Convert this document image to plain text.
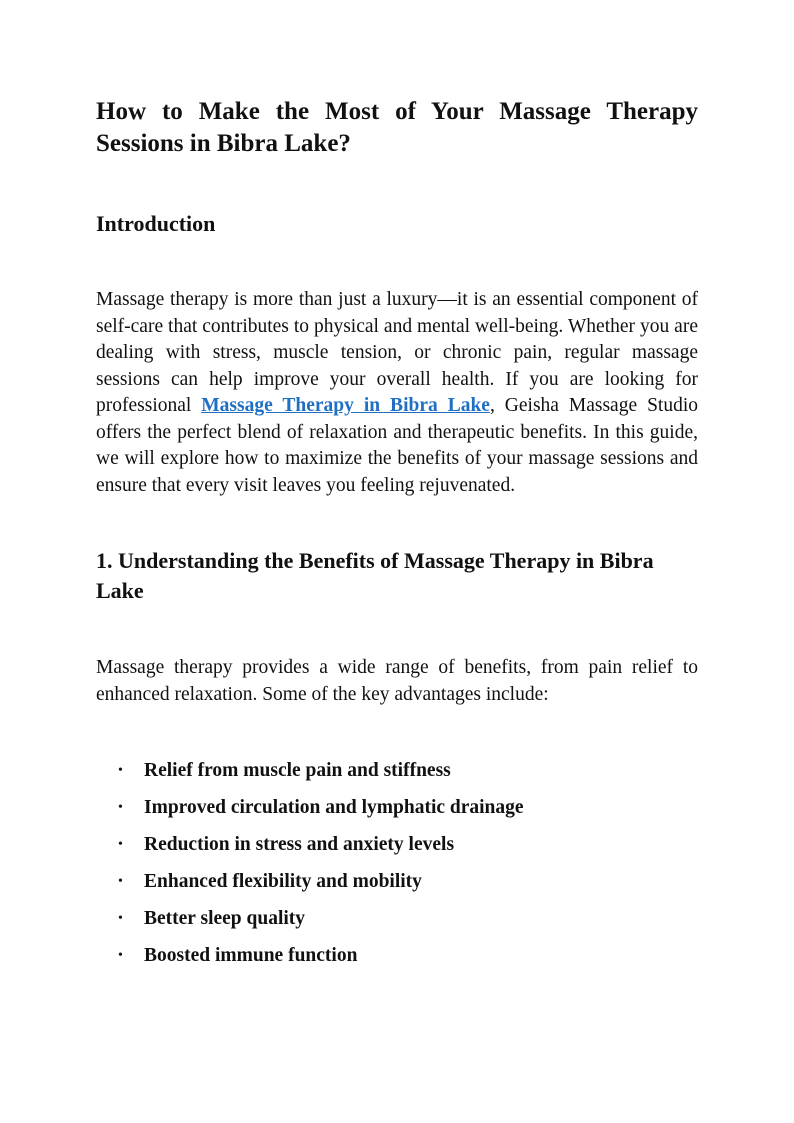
How to Make the Most of Your Massage Therapy Sessions in Bibra Lake?
Introduction

Massage therapy is more than just a luxury—it is an essential component of self-care that contributes to physical and mental well-being. Whether you are dealing with stress, muscle tension, or chronic pain, regular massage sessions can help improve your overall health. If you are looking for professional Massage Therapy in Bibra Lake, Geisha Massage Studio offers the perfect blend of relaxation and therapeutic benefits. In this guide, we will explore how to maximize the benefits of your massage sessions and ensure that every visit leaves you feeling rejuvenated.

1. Understanding the Benefits of Massage Therapy in Bibra Lake

Massage therapy provides a wide range of benefits, from pain relief to enhanced relaxation. Some of the key advantages include:

• Relief from muscle pain and stiffness
• Improved circulation and lymphatic drainage
• Reduction in stress and anxiety levels
• Enhanced flexibility and mobility
• Better sleep quality
• Boosted immune function
